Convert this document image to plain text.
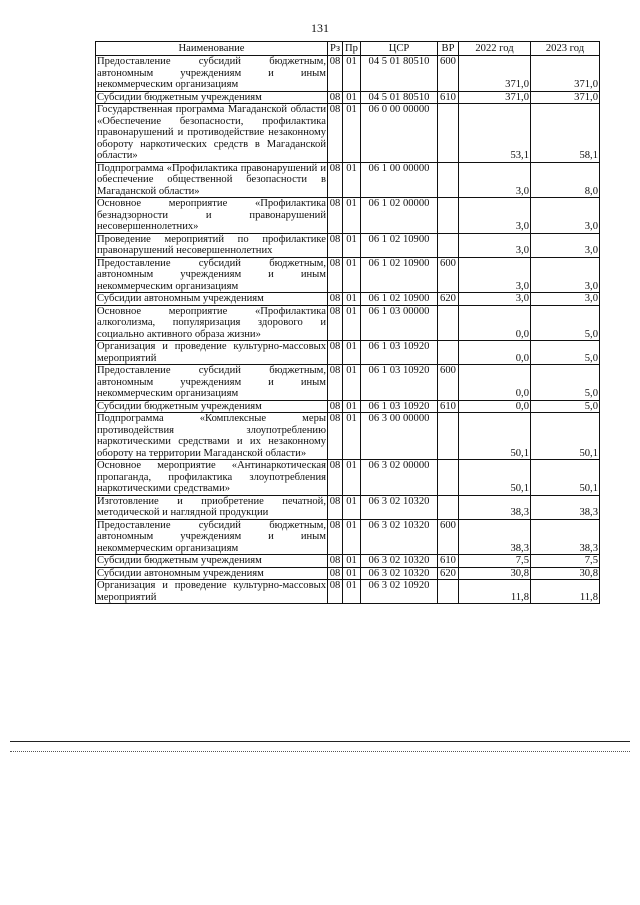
131
Наименование	Рз	Пр	ЦСР	ВР	2022 год	2023 год
Предоставление субсидий бюджетным, автономным учреждениям и иным некоммерческим организациям	08	01	04 5 01 80510	600	371,0	371,0
Субсидии бюджетным учреждениям	08	01	04 5 01 80510	610	371,0	371,0
Государственная программа Магаданской области «Обеспечение безопасности, профилактика правонарушений и противодействие незаконному обороту наркотических средств в Магаданской области»	08	01	06 0 00 00000		53,1	58,1
Подпрограмма «Профилактика правонарушений и обеспечение общественной безопасности в Магаданской области»	08	01	06 1 00 00000		3,0	8,0
Основное мероприятие «Профилактика безнадзорности и правонарушений несовершеннолетних»	08	01	06 1 02 00000		3,0	3,0
Проведение мероприятий по профилактике правонарушений несовершеннолетних	08	01	06 1 02 10900		3,0	3,0
Предоставление субсидий бюджетным, автономным учреждениям и иным некоммерческим организациям	08	01	06 1 02 10900	600	3,0	3,0
Субсидии автономным учреждениям	08	01	06 1 02 10900	620	3,0	3,0
Основное мероприятие «Профилактика алкоголизма, популяризация здорового и социально активного образа жизни»	08	01	06 1 03 00000		0,0	5,0
Организация и проведение культурно-массовых мероприятий	08	01	06 1 03 10920		0,0	5,0
Предоставление субсидий бюджетным, автономным учреждениям и иным некоммерческим организациям	08	01	06 1 03 10920	600	0,0	5,0
Субсидии бюджетным учреждениям	08	01	06 1 03 10920	610	0,0	5,0
Подпрограмма «Комплексные меры противодействия злоупотреблению наркотическими средствами и их незаконному обороту на территории Магаданской области»	08	01	06 3 00 00000		50,1	50,1
Основное мероприятие «Антинаркотическая пропаганда, профилактика злоупотребления наркотическими средствами»	08	01	06 3 02 00000		50,1	50,1
Изготовление и приобретение печатной, методической и наглядной продукции	08	01	06 3 02 10320		38,3	38,3
Предоставление субсидий бюджетным, автономным учреждениям и иным некоммерческим организациям	08	01	06 3 02 10320	600	38,3	38,3
Субсидии бюджетным учреждениям	08	01	06 3 02 10320	610	7,5	7,5
Субсидии автономным учреждениям	08	01	06 3 02 10320	620	30,8	30,8
Организация и проведение культурно-массовых мероприятий	08	01	06 3 02 10920		11,8	11,8
